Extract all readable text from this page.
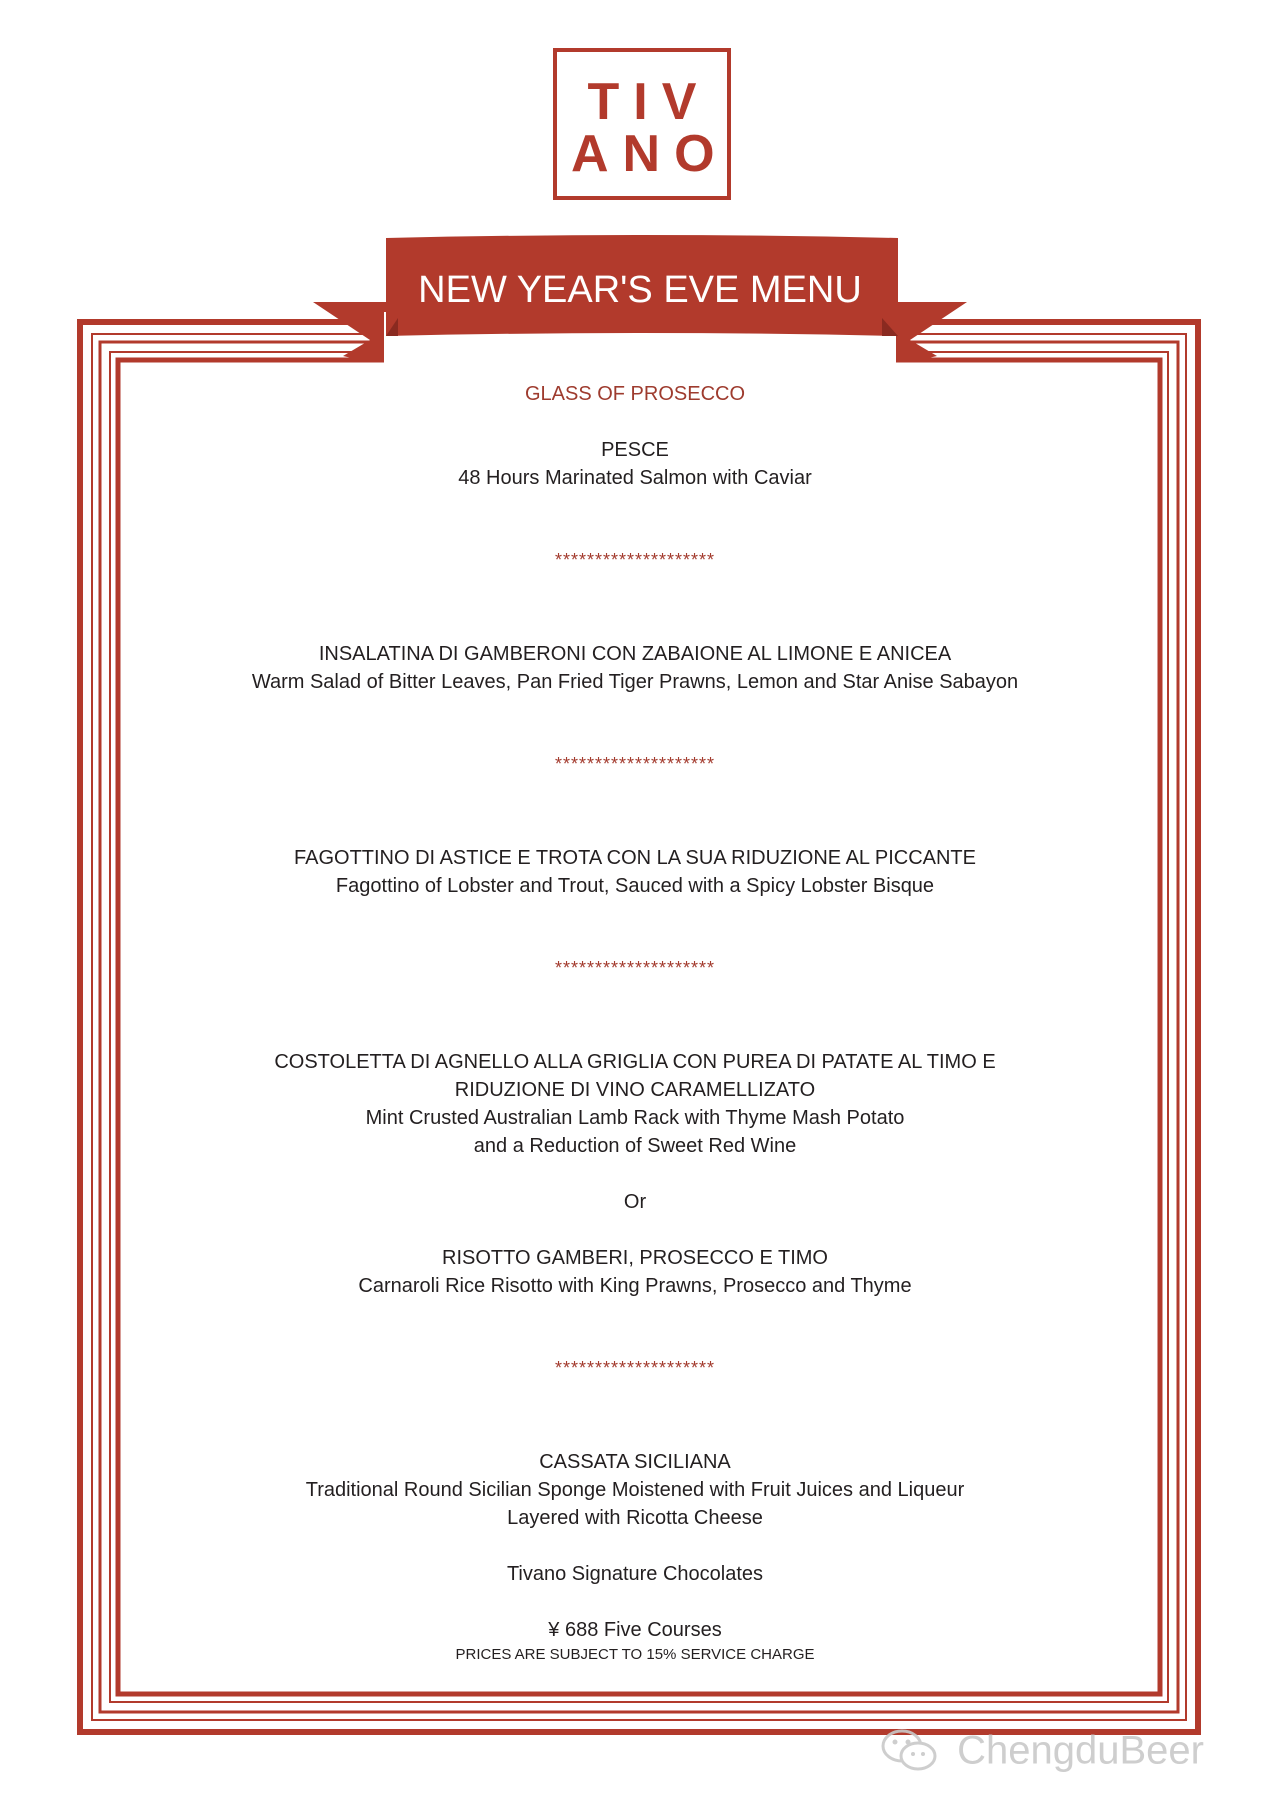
TIV
ANO
NEW YEAR'S EVE MENU
GLASS OF PROSECCO
PESCE
48 Hours Marinated Salmon with Caviar
********************
INSALATINA DI GAMBERONI CON ZABAIONE AL LIMONE E ANICEA
Warm Salad of Bitter Leaves, Pan Fried Tiger Prawns, Lemon and Star Anise Sabayon
********************
FAGOTTINO DI ASTICE E TROTA CON LA SUA RIDUZIONE AL PICCANTE
Fagottino of Lobster and Trout, Sauced with a Spicy Lobster Bisque
********************
COSTOLETTA DI AGNELLO ALLA GRIGLIA CON PUREA DI PATATE AL TIMO E
RIDUZIONE DI VINO CARAMELLIZATO
Mint Crusted Australian Lamb Rack with Thyme Mash Potato
and a Reduction of Sweet Red Wine
Or
RISOTTO GAMBERI, PROSECCO E TIMO
Carnaroli Rice Risotto with King Prawns, Prosecco and Thyme
********************
CASSATA SICILIANA
Traditional Round Sicilian Sponge Moistened with Fruit Juices and Liqueur
Layered with Ricotta Cheese
Tivano Signature Chocolates
¥ 688 Five Courses
PRICES ARE SUBJECT TO 15% SERVICE CHARGE
ChengduBeer
